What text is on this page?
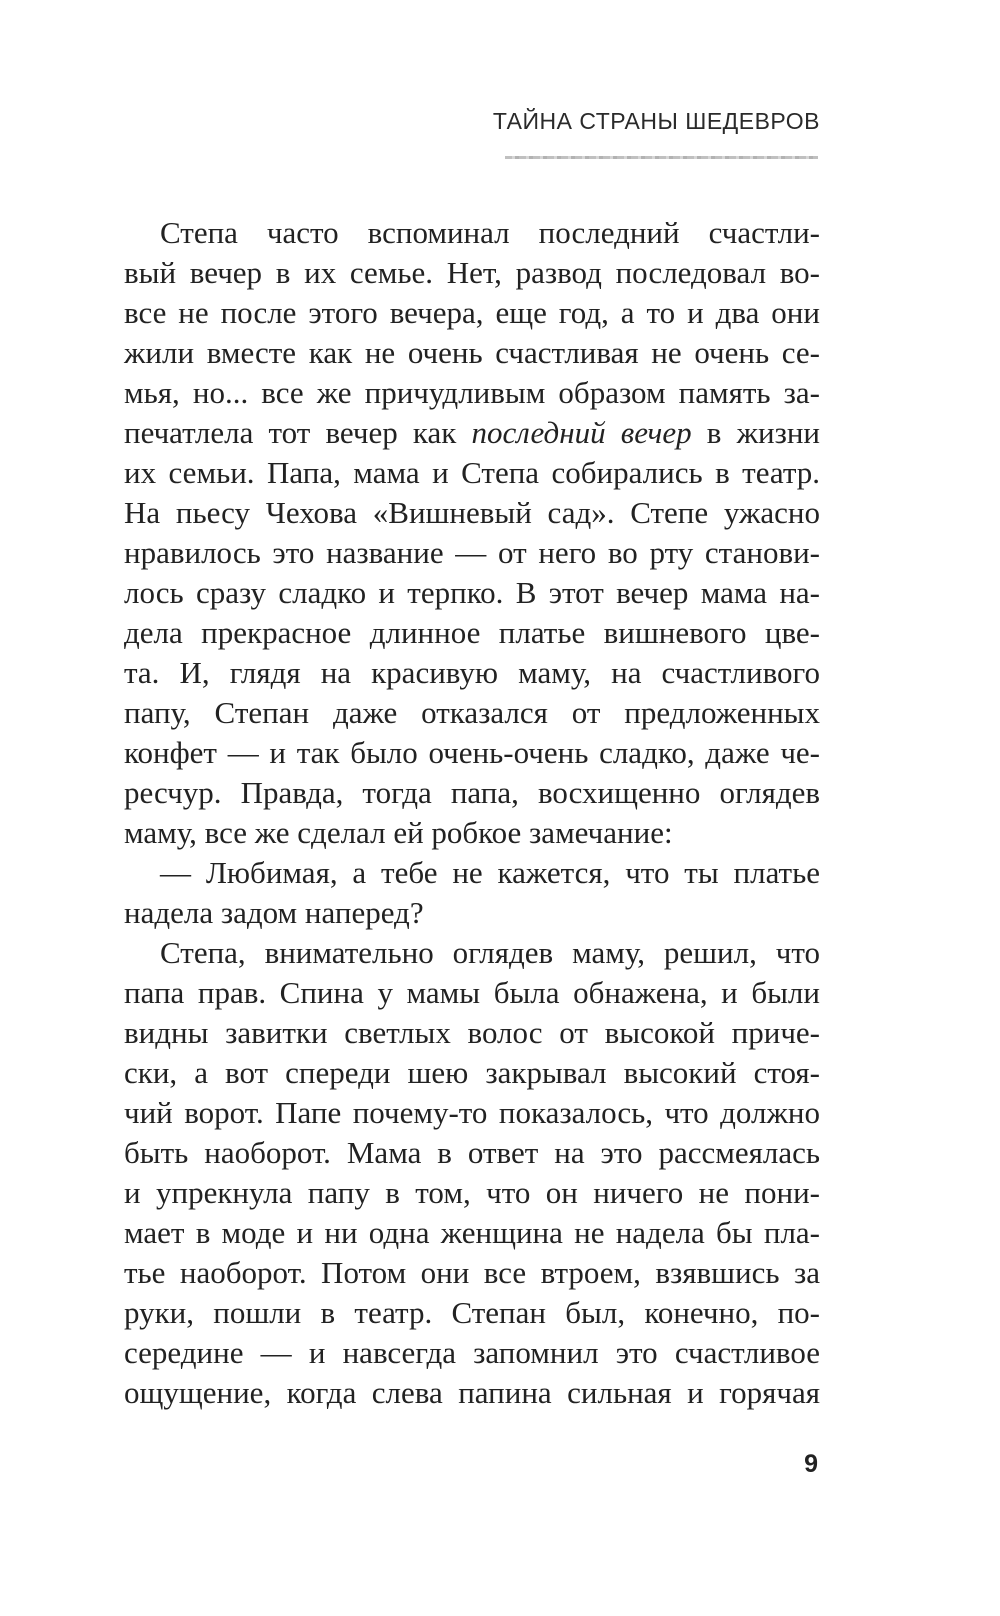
ТАЙНА СТРАНЫ ШЕДЕВРОВ
Степа часто вспоминал последний счастли-
вый вечер в их семье. Нет, развод последовал во-
все не после этого вечера, еще год, а то и два они
жили вместе как не очень счастливая не очень се-
мья, но... все же причудливым образом память за-
печатлела тот вечер как последний вечер в жизни
их семьи. Папа, мама и Степа собирались в театр.
На пьесу Чехова «Вишневый сад». Степе ужасно
нравилось это название — от него во рту станови-
лось сразу сладко и терпко. В этот вечер мама на-
дела прекрасное длинное платье вишневого цве-
та. И, глядя на красивую маму, на счастливого
папу, Степан даже отказался от предложенных
конфет — и так было очень-очень сладко, даже че-
ресчур. Правда, тогда папа, восхищенно оглядев
маму, все же сделал ей робкое замечание:
— Любимая, а тебе не кажется, что ты платье
надела задом наперед?
Степа, внимательно оглядев маму, решил, что
папа прав. Спина у мамы была обнажена, и были
видны завитки светлых волос от высокой приче-
ски, а вот спереди шею закрывал высокий стоя-
чий ворот. Папе почему-то показалось, что должно
быть наоборот. Мама в ответ на это рассмеялась
и упрекнула папу в том, что он ничего не пони-
мает в моде и ни одна женщина не надела бы пла-
тье наоборот. Потом они все втроем, взявшись за
руки, пошли в театр. Степан был, конечно, по-
середине — и навсегда запомнил это счастливое
ощущение, когда слева папина сильная и горячая
9
